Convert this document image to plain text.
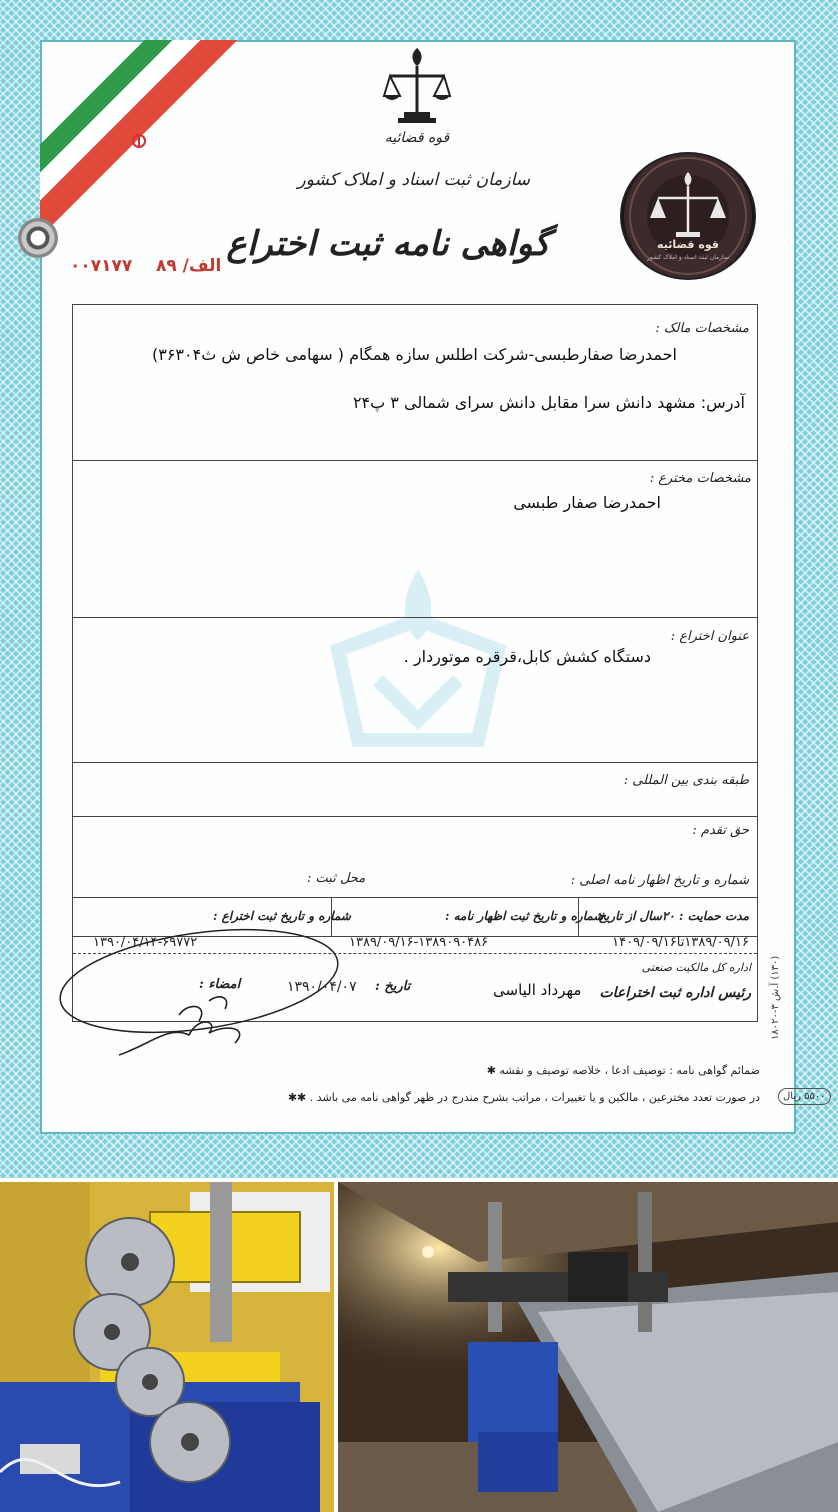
قوه قضائیه
سازمان ثبت اسناد و املاک کشور
گواهی نامه ثبت اختراع	قوه قضائیه
سازمان ثبت اسناد و املاک کشور
الف/ ۸۹    ۰۰۷۱۷۷
مشخصات مالک :
احمدرضا صفارطبسی-شرکت اطلس سازه همگام ( سهامی خاص ش ث۳۶۳۰۴)
آدرس: مشهد دانش سرا مقابل دانش سرای شمالی ۳ پ۲۴
مشخصات مخترع :
احمدرضا صفار طبسی
عنوان اختراع :
دستگاه کشش کابل،قرقره موتوردار .
طبقه بندی بین المللی :
حق تقدم :
شماره و تاریخ اظهار نامه اصلی :
محل ثبت :
مدت حمایت : ۲۰سال از تاریخ
۱۳۸۹/۰۹/۱۶تا۱۴۰۹/۰۹/۱۶
شماره و تاریخ ثبت اظهار نامه :
۱۳۸۹/۰۹/۱۶-۱۳۸۹۰۹۰۴۸۶
شماره و تاریخ ثبت اختراع :
۱۳۹۰/۰۴/۱۴-۶۹۷۷۲
اداره کل مالکیت صنعتی
رئیس اداره ثبت اختراعات
مهرداد الیاسی
تاریخ :
۱۳۹۰/۰۴/۰۷
امضاء :
ضمائم گواهی نامه : توصیف ادعا ، خلاصه توصیف و نقشه ✱
در صورت تعدد مخترعین ، مالکین و یا تغییرات ، مراتب بشرح مندرج در ظهر گواهی نامه می باشد . ✱✱
(۱۳۰) آ.ش ۳-۱۸۰۲۰
۵۵۰۰ ریال
